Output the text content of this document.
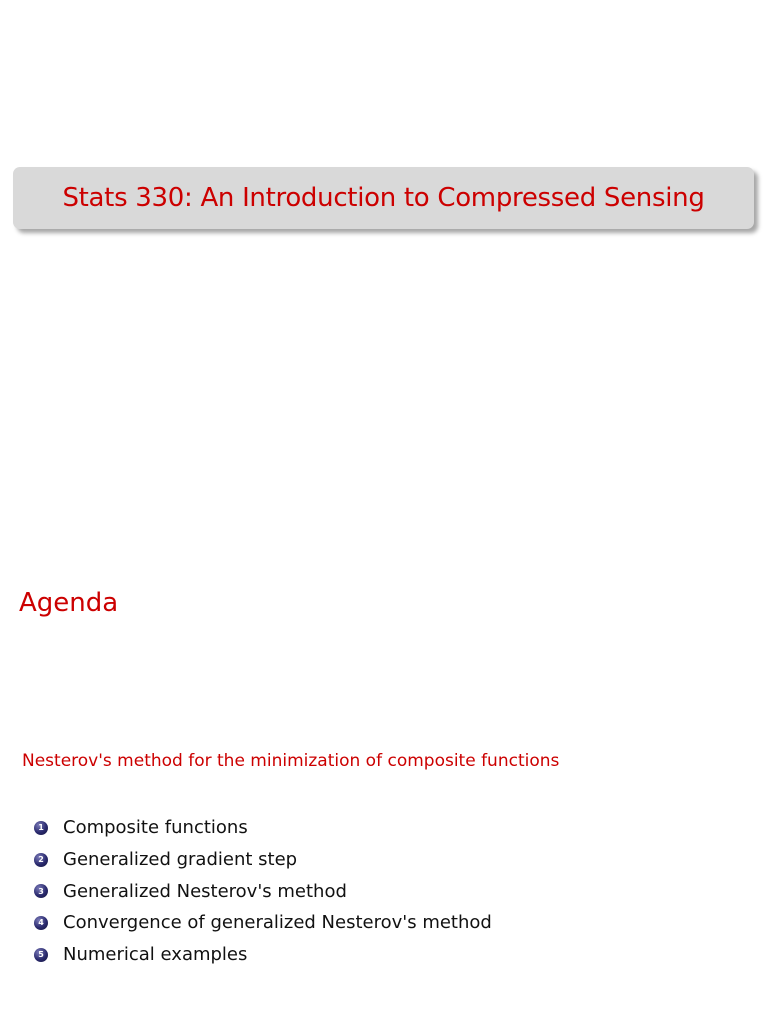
Stats 330: An Introduction to Compressed Sensing
Agenda
Nesterov's method for the minimization of composite functions
1 Composite functions
2 Generalized gradient step
3 Generalized Nesterov's method
4 Convergence of generalized Nesterov's method
5 Numerical examples
